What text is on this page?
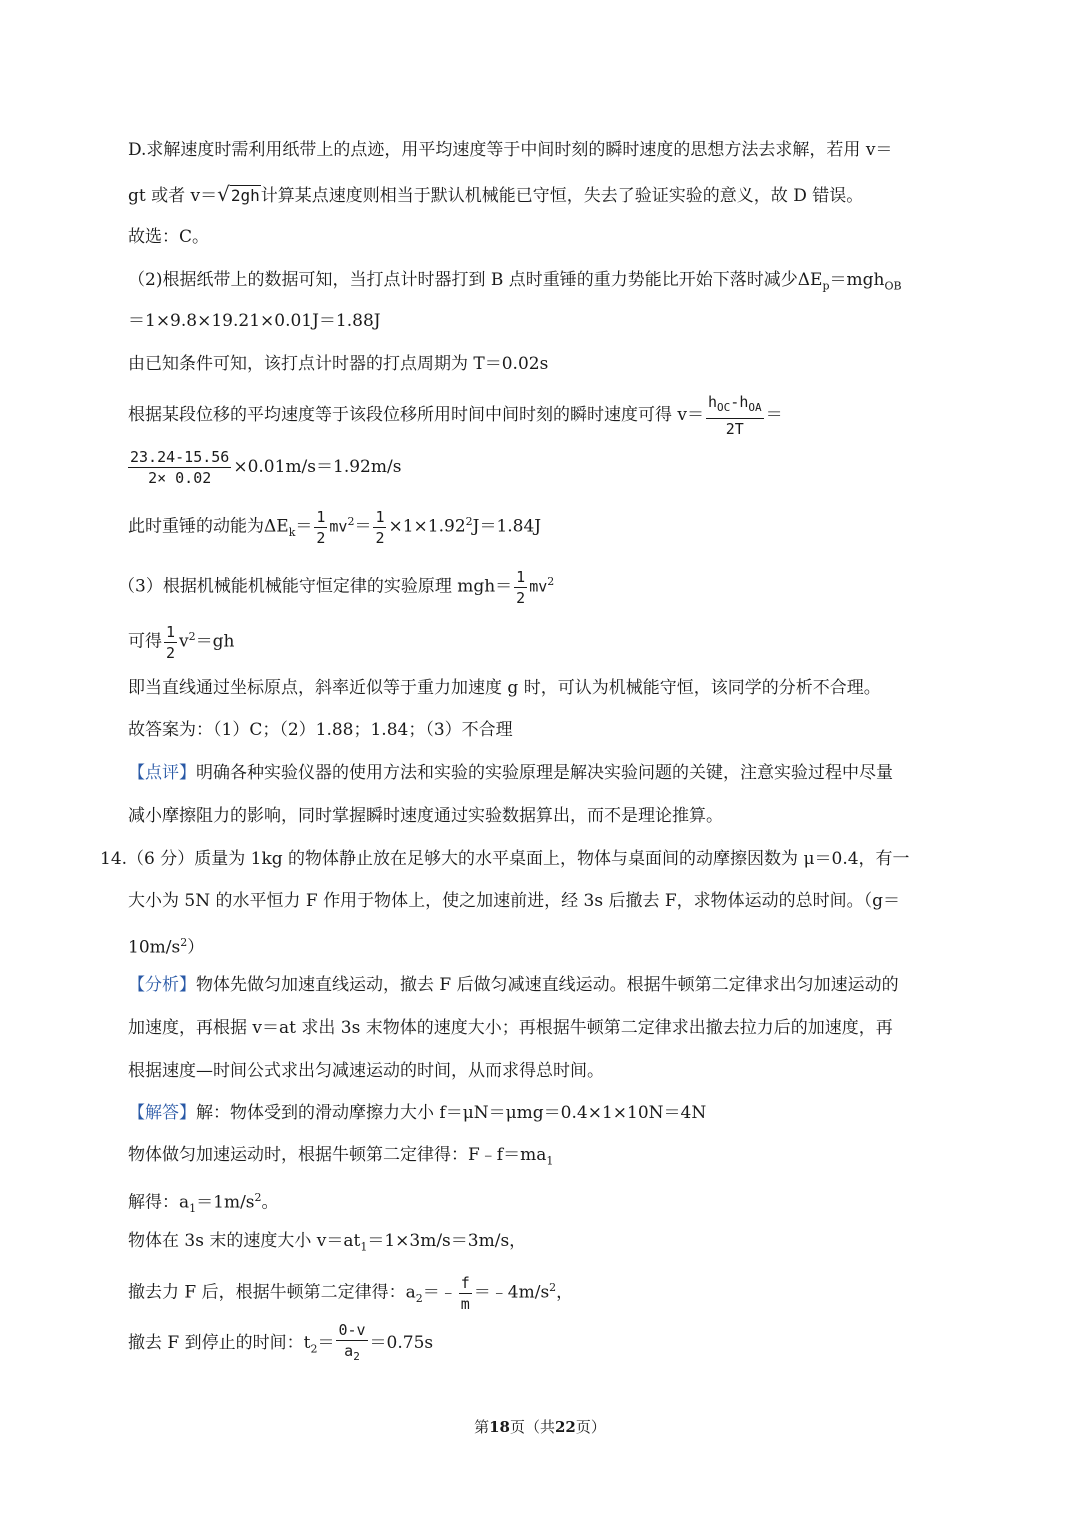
D.求解速度时需利用纸带上的点迹，用平均速度等于中间时刻的瞬时速度的思想方法去求解，若用 v＝
gt 或者 v＝√2gh计算某点速度则相当于默认机械能已守恒，失去了验证实验的意义，故 D 错误。
故选：C。
（2)根据纸带上的数据可知，当打点计时器打到 B 点时重锤的重力势能比开始下落时减少$\Delta E_p=mgh_{OB}$
＝1×9.8×19.21×0.01J＝1.88J
由已知条件可知，该打点计时器的打点周期为 T＝0.02s
根据某段位移的平均速度等于该段位移所用时间中间时刻的瞬时速度可得 $v= \frac{h_{OC}-h_{OA}}{2T}$ ＝
$\frac{23.24-15.56}{2\times 0.02} \times 0.01m/s=1.92m/s$
此时重锤的动能为$\Delta E_k= \frac{1}{2} mv^2= \frac{1}{2} \times 1\times 1.92^2J=1.84J$
（3）根据机械能机械能守恒定律的实验原理 $mgh= \frac{1}{2} mv^2$
可得 $\frac{1}{2} v^2=gh$
即当直线通过坐标原点，斜率近似等于重力加速度 g 时，可认为机械能守恒，该同学的分析不合理。
故答案为：（1）C；（2）1.88；1.84；（3）不合理
【点评】明确各种实验仪器的使用方法和实验的实验原理是解决实验问题的关键，注意实验过程中尽量
减小摩擦阻力的影响，同时掌握瞬时速度通过实验数据算出，而不是理论推算。
14.（6 分）质量为 1kg 的物体静止放在足够大的水平桌面上，物体与桌面间的动摩擦因数为 μ＝0.4，有一
大小为 5N 的水平恒力 F 作用于物体上，使之加速前进，经 3s 后撤去 F，求物体运动的总时间。（g＝
$10m/s^2$）
【分析】物体先做匀加速直线运动，撤去 F 后做匀减速直线运动。根据牛顿第二定律求出匀加速运动的
加速度，再根据 v＝at 求出 3s 末物体的速度大小；再根据牛顿第二定律求出撤去拉力后的加速度，再
根据速度—时间公式求出匀减速运动的时间，从而求得总时间。
【解答】解：物体受到的滑动摩擦力大小 f＝μN＝μmg＝0.4×1×10N＝4N
物体做匀加速运动时，根据牛顿第二定律得：$F﹣f=ma_1$
解得：$a_1=1m/s^2$。
物体在 3s 末的速度大小 $v=at_1=1\times 3m/s=3m/s$，
撤去力 F 后，根据牛顿第二定律得：$a_2=﹣ \frac{f}{m}$ $=﹣4m/s^2$，
撤去 F 到停止的时间：$t_2= \frac{0-v}{a_2} =0.75s$
第18页（共22页）
